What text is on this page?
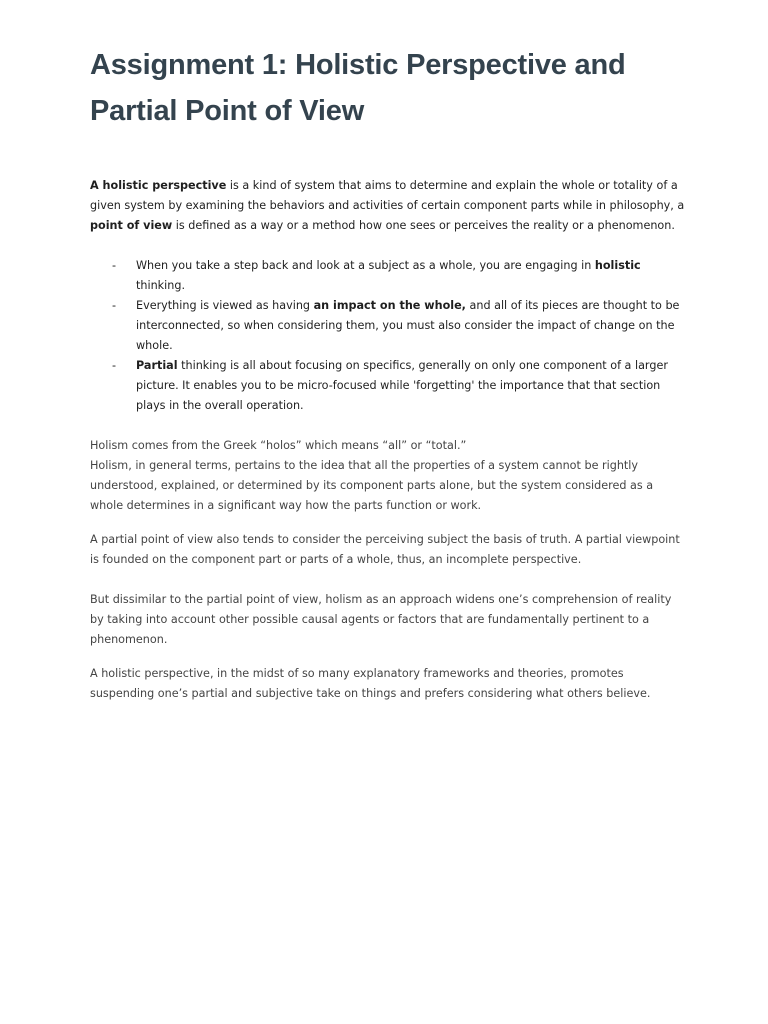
Assignment 1: Holistic Perspective and
Partial Point of View

A holistic perspective is a kind of system that aims to determine and explain the whole or totality of a
given system by examining the behaviors and activities of certain component parts while in philosophy, a
point of view is defined as a way or a method how one sees or perceives the reality or a phenomenon.

- When you take a step back and look at a subject as a whole, you are engaging in holistic
thinking.
- Everything is viewed as having an impact on the whole, and all of its pieces are thought to be
interconnected, so when considering them, you must also consider the impact of change on the
whole.
- Partial thinking is all about focusing on specifics, generally on only one component of a larger
picture. It enables you to be micro-focused while 'forgetting' the importance that that section
plays in the overall operation.

Holism comes from the Greek “holos” which means “all” or “total.”
Holism, in general terms, pertains to the idea that all the properties of a system cannot be rightly
understood, explained, or determined by its component parts alone, but the system considered as a
whole determines in a significant way how the parts function or work.

A partial point of view also tends to consider the perceiving subject the basis of truth. A partial viewpoint
is founded on the component part or parts of a whole, thus, an incomplete perspective.

But dissimilar to the partial point of view, holism as an approach widens one’s comprehension of reality
by taking into account other possible causal agents or factors that are fundamentally pertinent to a
phenomenon.

A holistic perspective, in the midst of so many explanatory frameworks and theories, promotes
suspending one’s partial and subjective take on things and prefers considering what others believe.
